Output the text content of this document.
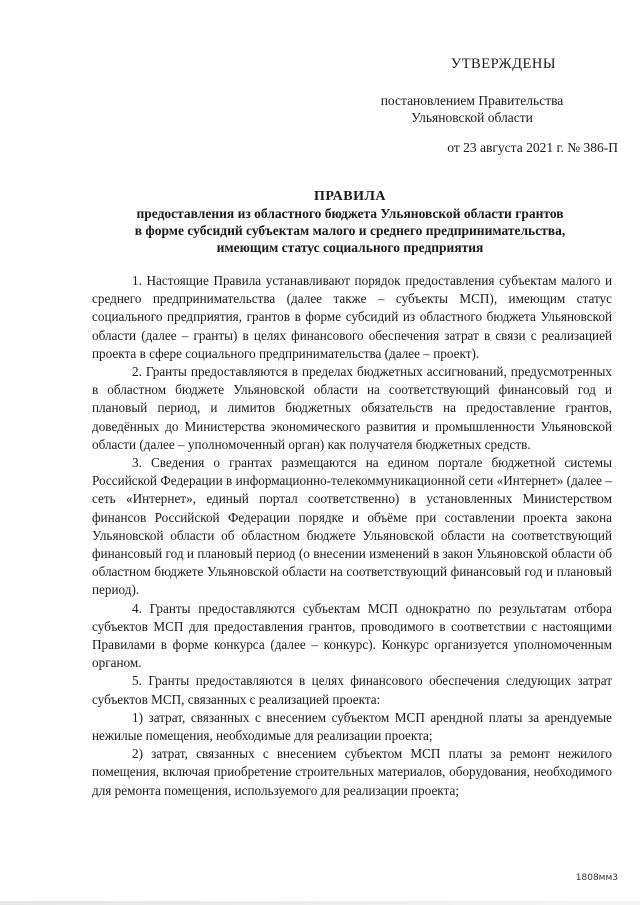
УТВЕРЖДЕНЫ
постановлением Правительства
Ульяновской области
от 23 августа 2021 г. № 386-П
ПРАВИЛА
предоставления из областного бюджета Ульяновской области грантов
в форме субсидий субъектам малого и среднего предпринимательства,
имеющим статус социального предприятия

1. Настоящие Правила устанавливают порядок предоставления субъектам малого и среднего предпринимательства (далее также – субъекты МСП), имеющим статус социального предприятия, грантов в форме субсидий из областного бюджета Ульяновской области (далее – гранты) в целях финансового обеспечения затрат в связи с реализацией проекта в сфере социального предпринимательства (далее – проект).

2. Гранты предоставляются в пределах бюджетных ассигнований, предусмотренных в областном бюджете Ульяновской области на соответствующий финансовый год и плановый период, и лимитов бюджетных обязательств на предоставление грантов, доведённых до Министерства экономического развития и промышленности Ульяновской области (далее – уполномоченный орган) как получателя бюджетных средств.

3. Сведения о грантах размещаются на едином портале бюджетной системы Российской Федерации в информационно-телекоммуникационной сети «Интернет» (далее – сеть «Интернет», единый портал соответственно) в установленных Министерством финансов Российской Федерации порядке и объёме при составлении проекта закона Ульяновской области об областном бюджете Ульяновской области на соответствующий финансовый год и плановый период (о внесении изменений в закон Ульяновской области об областном бюджете Ульяновской области на соответствующий финансовый год и плановый период).

4. Гранты предоставляются субъектам МСП однократно по результатам отбора субъектов МСП для предоставления грантов, проводимого в соответствии с настоящими Правилами в форме конкурса (далее – конкурс). Конкурс организуется уполномоченным органом.

5. Гранты предоставляются в целях финансового обеспечения следующих затрат субъектов МСП, связанных с реализацией проекта:

1) затрат, связанных с внесением субъектом МСП арендной платы за арендуемые нежилые помещения, необходимые для реализации проекта;

2) затрат, связанных с внесением субъектом МСП платы за ремонт нежилого помещения, включая приобретение строительных материалов, оборудования, необходимого для ремонта помещения, используемого для реализации проекта;

1808мм3
